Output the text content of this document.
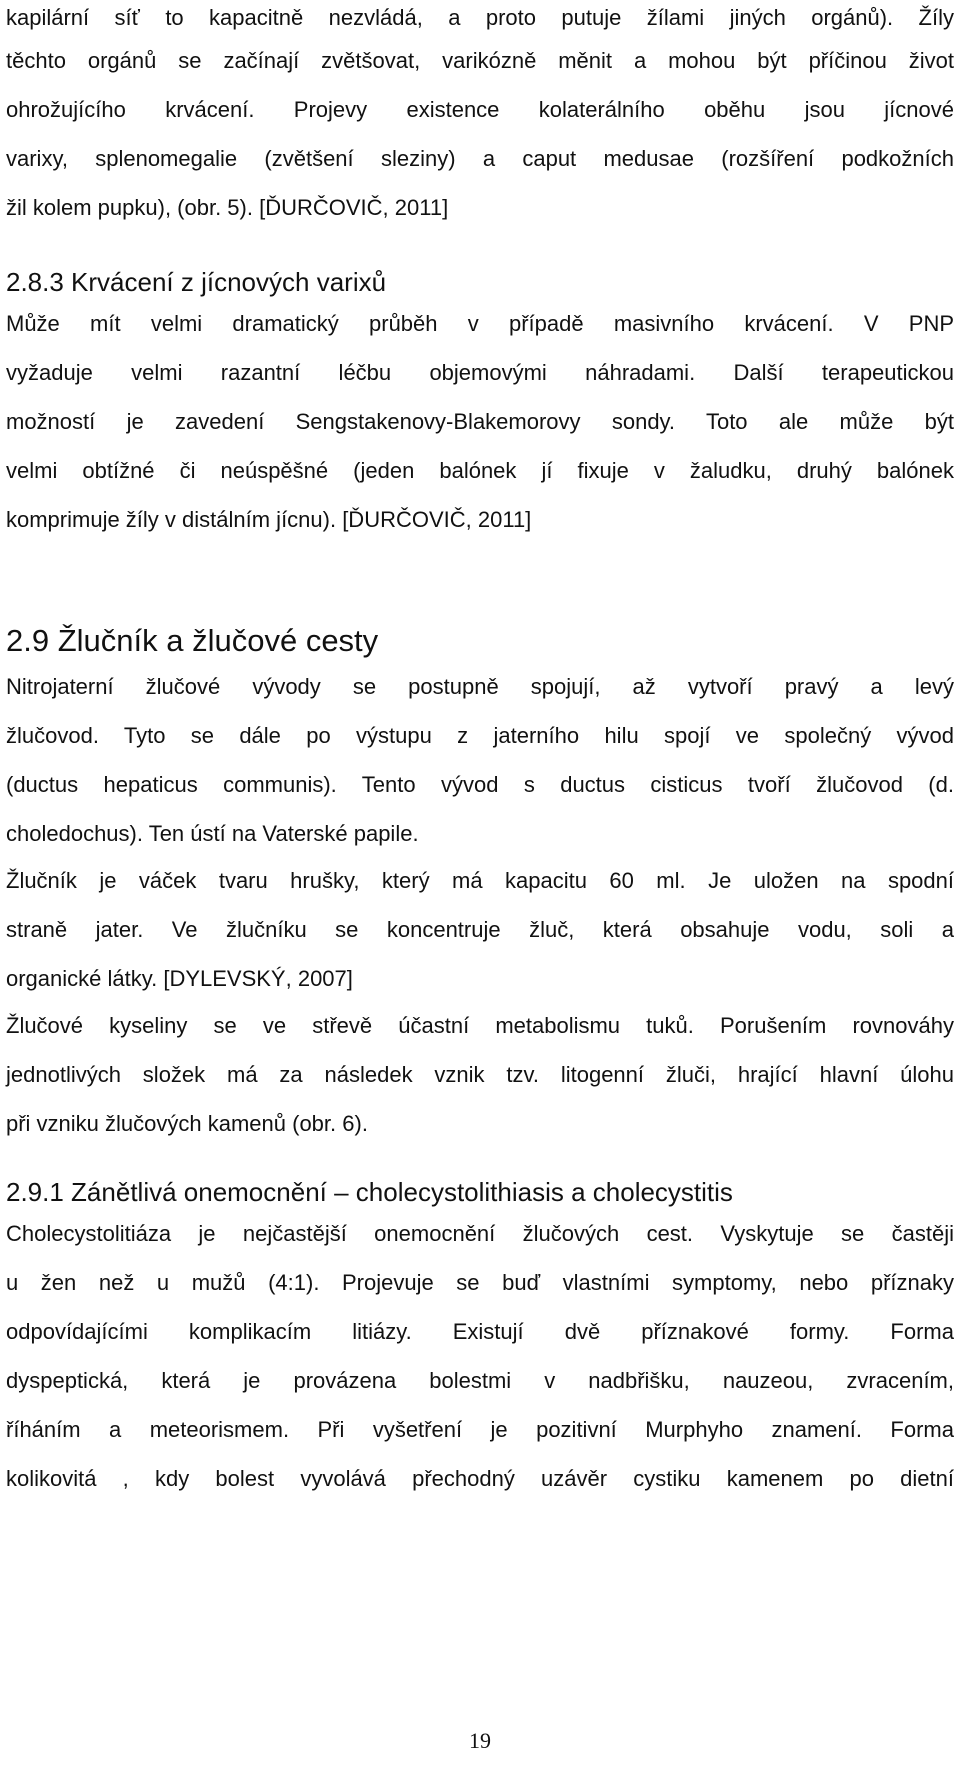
kapilární síť to kapacitně nezvládá, a proto putuje žílami jiných orgánů). Žíly
těchto orgánů se začínají zvětšovat, varikózně měnit a mohou být příčinou život
ohrožujícího krvácení. Projevy existence kolaterálního oběhu jsou jícnové
varixy, splenomegalie (zvětšení sleziny) a caput medusae (rozšíření podkožních
žil kolem pupku), (obr. 5). [ĎURČOVIČ, 2011]
2.8.3 Krvácení z jícnových varixů
Může mít velmi dramatický průběh v případě masivního krvácení. V PNP
vyžaduje velmi razantní léčbu objemovými náhradami. Další terapeutickou
možností je zavedení Sengstakenovy-Blakemorovy sondy. Toto ale může být
velmi obtížné či neúspěšné (jeden balónek jí fixuje v žaludku, druhý balónek
komprimuje žíly v distálním jícnu). [ĎURČOVIČ, 2011]
2.9 Žlučník a žlučové cesty
Nitrojaterní žlučové vývody se postupně spojují, až vytvoří pravý a levý
žlučovod. Tyto se dále po výstupu z jaterního hilu spojí ve společný vývod
(ductus hepaticus communis). Tento vývod s ductus cisticus tvoří žlučovod (d.
choledochus). Ten ústí na Vaterské papile.
Žlučník je váček tvaru hrušky, který má kapacitu 60 ml. Je uložen na spodní
straně jater. Ve žlučníku se koncentruje žluč, která obsahuje vodu, soli a
organické látky. [DYLEVSKÝ, 2007]
Žlučové kyseliny se ve střevě účastní metabolismu tuků. Porušením rovnováhy
jednotlivých složek má za následek vznik tzv. litogenní žluči, hrající hlavní úlohu
při vzniku žlučových kamenů (obr. 6).
2.9.1 Zánětlivá onemocnění – cholecystolithiasis a cholecystitis
Cholecystolitiáza je nejčastější onemocnění žlučových cest. Vyskytuje se častěji
u žen než u mužů (4:1). Projevuje se buď vlastními symptomy, nebo příznaky
odpovídajícími komplikacím litiázy. Existují dvě příznakové formy. Forma
dyspeptická, která je provázena bolestmi v nadbřišku, nauzeou, zvracením,
říháním a meteorismem. Při vyšetření je pozitivní Murphyho znamení. Forma
kolikovitá , kdy bolest vyvolává přechodný uzávěr cystiku kamenem po dietní
19
